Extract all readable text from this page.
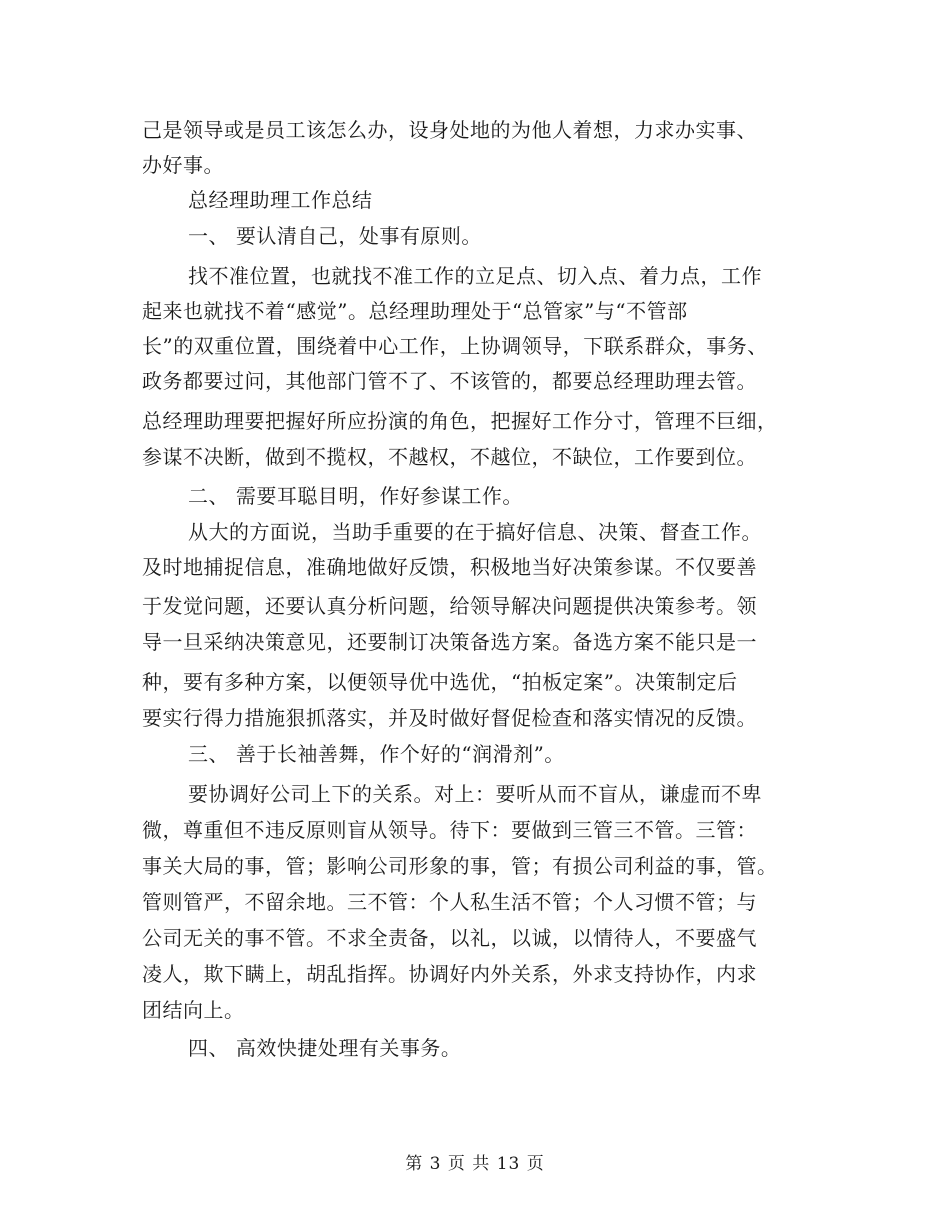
己是领导或是员工该怎么办，设身处地的为他人着想，力求办实事、
办好事。
总经理助理工作总结
一、 要认清自己，处事有原则。
找不准位置，也就找不准工作的立足点、切入点、着力点，工作
起来也就找不着“感觉”。总经理助理处于“总管家”与“不管部
长”的双重位置，围绕着中心工作，上协调领导，下联系群众，事务、
政务都要过问，其他部门管不了、不该管的，都要总经理助理去管。
总经理助理要把握好所应扮演的角色，把握好工作分寸，管理不巨细，
参谋不决断，做到不揽权，不越权，不越位，不缺位，工作要到位。
二、 需要耳聪目明，作好参谋工作。
从大的方面说，当助手重要的在于搞好信息、决策、督查工作。
及时地捕捉信息，准确地做好反馈，积极地当好决策参谋。不仅要善
于发觉问题，还要认真分析问题，给领导解决问题提供决策参考。领
导一旦采纳决策意见，还要制订决策备选方案。备选方案不能只是一
种，要有多种方案，以便领导优中选优，“拍板定案”。决策制定后
要实行得力措施狠抓落实，并及时做好督促检查和落实情况的反馈。
三、 善于长袖善舞，作个好的“润滑剂”。
要协调好公司上下的关系。对上：要听从而不盲从，谦虚而不卑
微，尊重但不违反原则盲从领导。待下：要做到三管三不管。三管：
事关大局的事，管；影响公司形象的事，管；有损公司利益的事，管。
管则管严，不留余地。三不管：个人私生活不管；个人习惯不管；与
公司无关的事不管。不求全责备，以礼，以诚，以情待人，不要盛气
凌人，欺下瞒上，胡乱指挥。协调好内外关系，外求支持协作，内求
团结向上。
四、 高效快捷处理有关事务。
第 3 页 共 13 页
